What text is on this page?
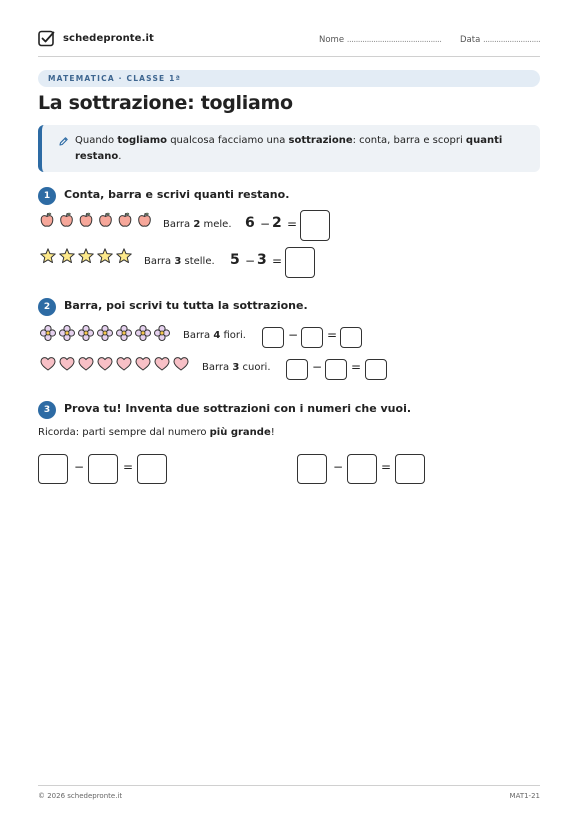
schedepronte.it	Nome ........................................... Data ..........................
MATEMATICA · CLASSE 1ª
La sottrazione: togliamo
Quando togliamo qualcosa facciamo una sottrazione: conta, barra e scopri quanti restano.
1	Conta, barra e scrivi quanti restano.
Barra 2 mele. 6 − 2 =
Barra 3 stelle. 5 − 3 =
2	Barra, poi scrivi tu tutta la sottrazione.
Barra 4 fiori.	− =
Barra 3 cuori.	− =
3	Prova tu! Inventa due sottrazioni con i numeri che vuoi.
Ricorda: parti sempre dal numero più grande!
−	=	−	=
© 2026 schedepronte.it	MAT1-21
